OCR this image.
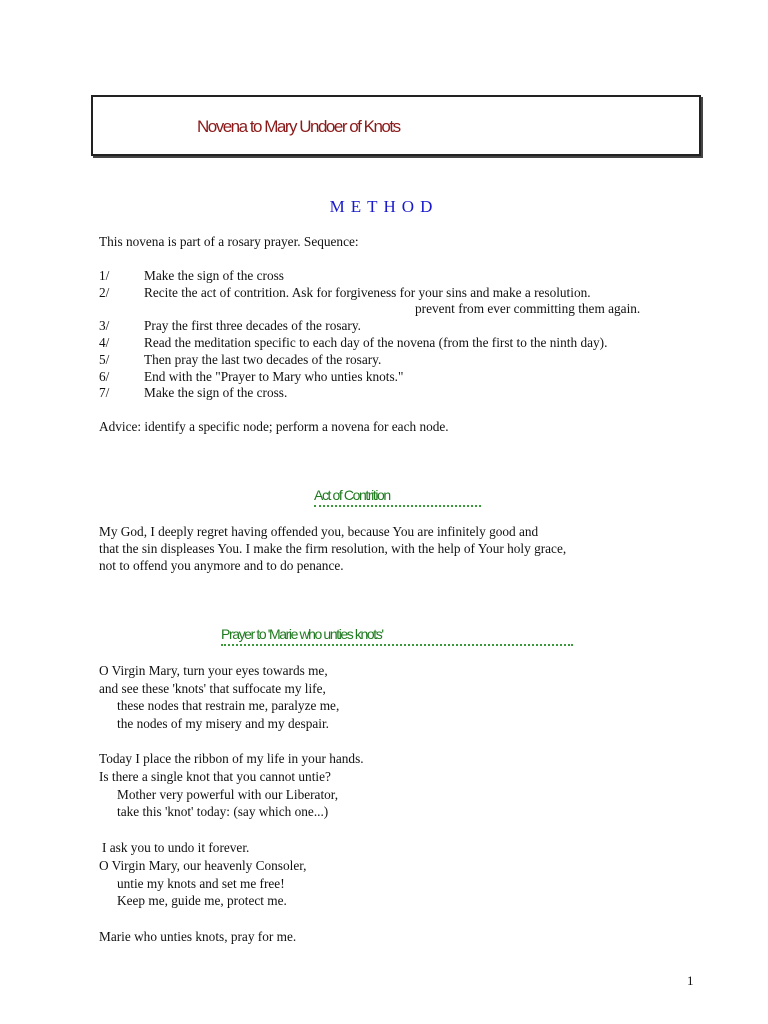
Novena to Mary Undoer of Knots
METHOD
This novena is part of a rosary prayer. Sequence:
1/	Make the sign of the cross
2/	Recite the act of contrition. Ask for forgiveness for your sins and make a resolution.
prevent from ever committing them again.
3/	Pray the first three decades of the rosary.
4/	Read the meditation specific to each day of the novena (from the first to the ninth day).
5/	Then pray the last two decades of the rosary.
6/	End with the "Prayer to Mary who unties knots."
7/	Make the sign of the cross.
Advice: identify a specific node; perform a novena for each node.
Act of Contrition
My God, I deeply regret having offended you, because You are infinitely good and
that the sin displeases You. I make the firm resolution, with the help of Your holy grace,
not to offend you anymore and to do penance.
Prayer to 'Marie who unties knots'
O Virgin Mary, turn your eyes towards me,
and see these 'knots' that suffocate my life,
these nodes that restrain me, paralyze me,
the nodes of my misery and my despair.
Today I place the ribbon of my life in your hands.
Is there a single knot that you cannot untie?
Mother very powerful with our Liberator,
take this 'knot' today: (say which one...)
I ask you to undo it forever.
O Virgin Mary, our heavenly Consoler,
untie my knots and set me free!
Keep me, guide me, protect me.
Marie who unties knots, pray for me.
1
